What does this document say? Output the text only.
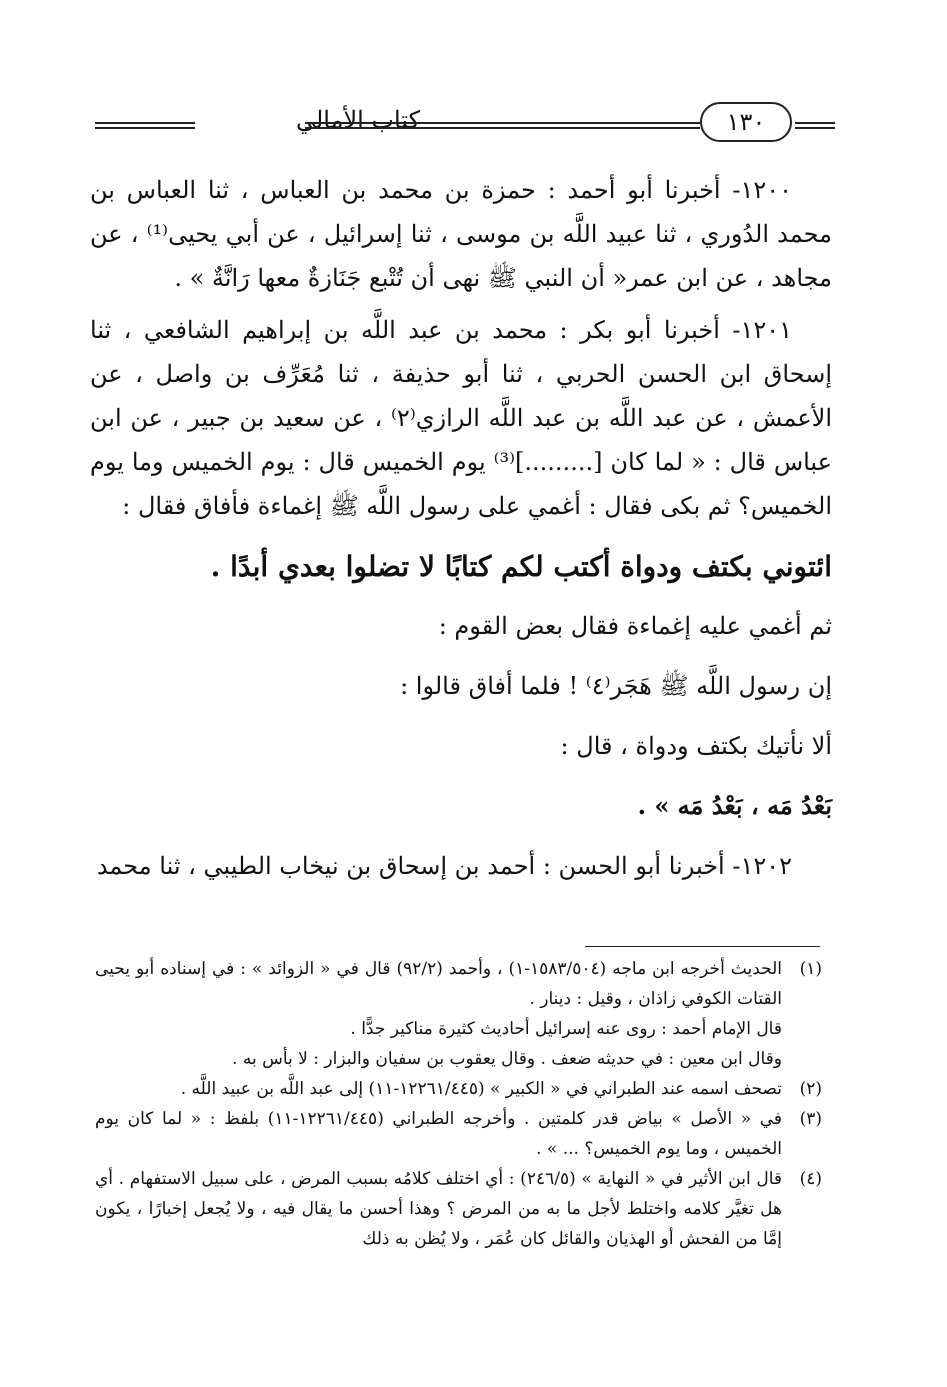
كتاب الأمالي	١٣٠

١٢٠٠- أخبرنا أبو أحمد : حمزة بن محمد بن العباس ، ثنا العباس بن محمد الدُوري ، ثنا عبيد اللَّه بن موسى ، ثنا إسرائيل ، عن أبي يحيى⁽¹⁾ ، عن مجاهد ، عن ابن عمر« أن النبي ﷺ نهى أن تُتْبع جَنَازةٌ معها رَانَّةٌ » .

١٢٠١- أخبرنا أبو بكر : محمد بن عبد اللَّه بن إبراهيم الشافعي ، ثنا إسحاق ابن الحسن الحربي ، ثنا أبو حذيفة ، ثنا مُعَرِّف بن واصل ، عن الأعمش ، عن عبد اللَّه بن عبد اللَّه الرازي⁽٢⁾ ، عن سعيد بن جبير ، عن ابن عباس قال : « لما كان [.........]⁽³⁾ يوم الخميس قال : يوم الخميس وما يوم الخميس؟ ثم بكى فقال : أغمي على رسول اللَّه ﷺ إغماءة فأفاق فقال :

ائتوني بكتف ودواة أكتب لكم كتابًا لا تضلوا بعدي أبدًا .

ثم أغمي عليه إغماءة فقال بعض القوم :

إن رسول اللَّه ﷺ هَجَر⁽٤⁾ ! فلما أفاق قالوا :

ألا نأتيك بكتف ودواة ، قال :

بَعْدُ مَه ، بَعْدُ مَه » .

١٢٠٢- أخبرنا أبو الحسن : أحمد بن إسحاق بن نيخاب الطيبي ، ثنا محمد

(١)

الحديث أخرجه ابن ماجه (١٥٨٣/٥٠٤-١) ، وأحمد (٩٢/٢) قال في « الزوائد » : في إسناده أبو يحيى القتات الكوفي زاذان ، وقيل : دينار .

قال الإمام أحمد : روى عنه إسرائيل أحاديث كثيرة مناكير جدًّا .

وقال ابن معين : في حديثه ضعف . وقال يعقوب بن سفيان والبزار : لا بأس به .

(٢)

تصحف اسمه عند الطبراني في « الكبير » (١٢٢٦١/٤٤٥-١١) إلى عبد اللَّه بن عبيد اللَّه .

(٣)

في « الأصل » بياض قدر كلمتين . وأخرجه الطبراني (١٢٢٦١/٤٤٥-١١) بلفظ : « لما كان يوم الخميس ، وما يوم الخميس؟ ... » .

(٤)

قال ابن الأثير في « النهاية » (٢٤٦/٥) : أي اختلف كلامُه بسبب المرض ، على سبيل الاستفهام . أي هل تغيَّر كلامه واختلط لأجل ما به من المرض ؟ وهذا أحسن ما يقال فيه ، ولا يُجعل إخبارًا ، يكون إمَّا من الفحش أو الهذيان والقائل كان عُمَر ، ولا يُظن به ذلك
